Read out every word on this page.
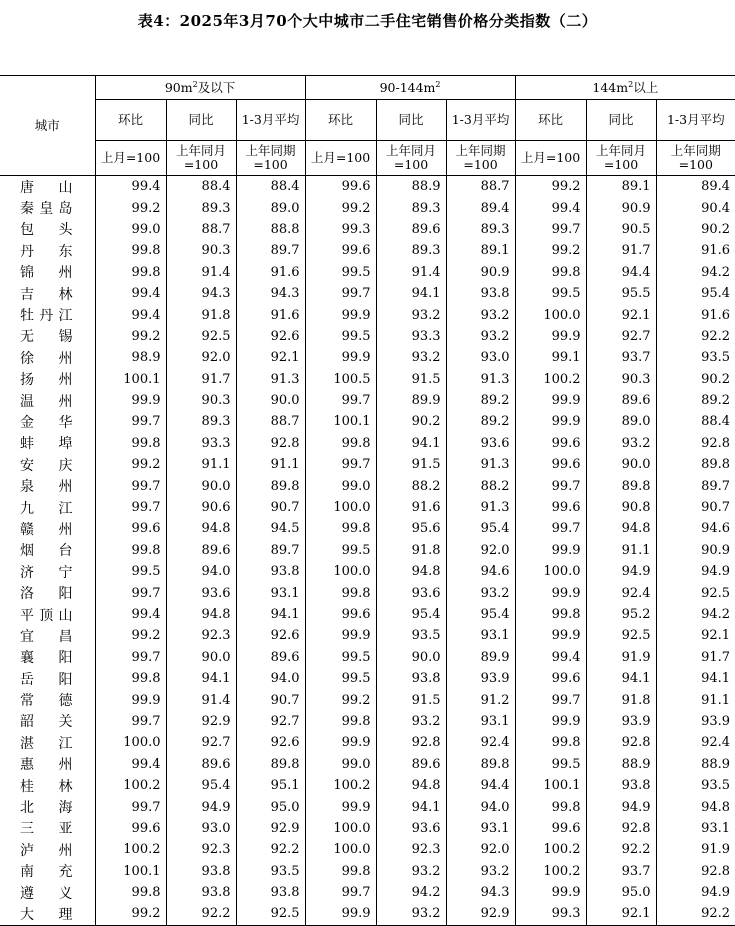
表4：2025年3月70个大中城市二手住宅销售价格分类指数（二）
城市	$90m^2$及以下			$90-144m^2$			$144m^2$以上		
	环比	同比	1-3月平均	环比	同比	1-3月平均	环比	同比	1-3月平均
	上月=100	上年同月=100	上年同期=100	上月=100	上年同月=100	上年同期=100	上月=100	上年同月=100	上年同期=100
唐山	99.4	88.4	88.4	99.6	88.9	88.7	99.2	89.1	89.4
秦皇岛	99.2	89.3	89.0	99.2	89.3	89.4	99.4	90.9	90.4
包头	99.0	88.7	88.8	99.3	89.6	89.3	99.7	90.5	90.2
丹东	99.8	90.3	89.7	99.6	89.3	89.1	99.2	91.7	91.6
锦州	99.8	91.4	91.6	99.5	91.4	90.9	99.8	94.4	94.2
吉林	99.4	94.3	94.3	99.7	94.1	93.8	99.5	95.5	95.4
牡丹江	99.4	91.8	91.6	99.9	93.2	93.2	100.0	92.1	91.6
无锡	99.2	92.5	92.6	99.5	93.3	93.2	99.9	92.7	92.2
徐州	98.9	92.0	92.1	99.9	93.2	93.0	99.1	93.7	93.5
扬州	100.1	91.7	91.3	100.5	91.5	91.3	100.2	90.3	90.2
温州	99.9	90.3	90.0	99.7	89.9	89.2	99.9	89.6	89.2
金华	99.7	89.3	88.7	100.1	90.2	89.2	99.9	89.0	88.4
蚌埠	99.8	93.3	92.8	99.8	94.1	93.6	99.6	93.2	92.8
安庆	99.2	91.1	91.1	99.7	91.5	91.3	99.6	90.0	89.8
泉州	99.7	90.0	89.8	99.0	88.2	88.2	99.7	89.8	89.7
九江	99.7	90.6	90.7	100.0	91.6	91.3	99.6	90.8	90.7
赣州	99.6	94.8	94.5	99.8	95.6	95.4	99.7	94.8	94.6
烟台	99.8	89.6	89.7	99.5	91.8	92.0	99.9	91.1	90.9
济宁	99.5	94.0	93.8	100.0	94.8	94.6	100.0	94.9	94.9
洛阳	99.7	93.6	93.1	99.8	93.6	93.2	99.9	92.4	92.5
平顶山	99.4	94.8	94.1	99.6	95.4	95.4	99.8	95.2	94.2
宜昌	99.2	92.3	92.6	99.9	93.5	93.1	99.9	92.5	92.1
襄阳	99.7	90.0	89.6	99.5	90.0	89.9	99.4	91.9	91.7
岳阳	99.8	94.1	94.0	99.5	93.8	93.9	99.6	94.1	94.1
常德	99.9	91.4	90.7	99.2	91.5	91.2	99.7	91.8	91.1
韶关	99.7	92.9	92.7	99.8	93.2	93.1	99.9	93.9	93.9
湛江	100.0	92.7	92.6	99.9	92.8	92.4	99.8	92.8	92.4
惠州	99.4	89.6	89.8	99.0	89.6	89.8	99.5	88.9	88.9
桂林	100.2	95.4	95.1	100.2	94.8	94.4	100.1	93.8	93.5
北海	99.7	94.9	95.0	99.9	94.1	94.0	99.8	94.9	94.8
三亚	99.6	93.0	92.9	100.0	93.6	93.1	99.6	92.8	93.1
泸州	100.2	92.3	92.2	100.0	92.3	92.0	100.2	92.2	91.9
南充	100.1	93.8	93.5	99.8	93.2	93.2	100.2	93.7	92.8
遵义	99.8	93.8	93.8	99.7	94.2	94.3	99.9	95.0	94.9
大理	99.2	92.2	92.5	99.9	93.2	92.9	99.3	92.1	92.2
